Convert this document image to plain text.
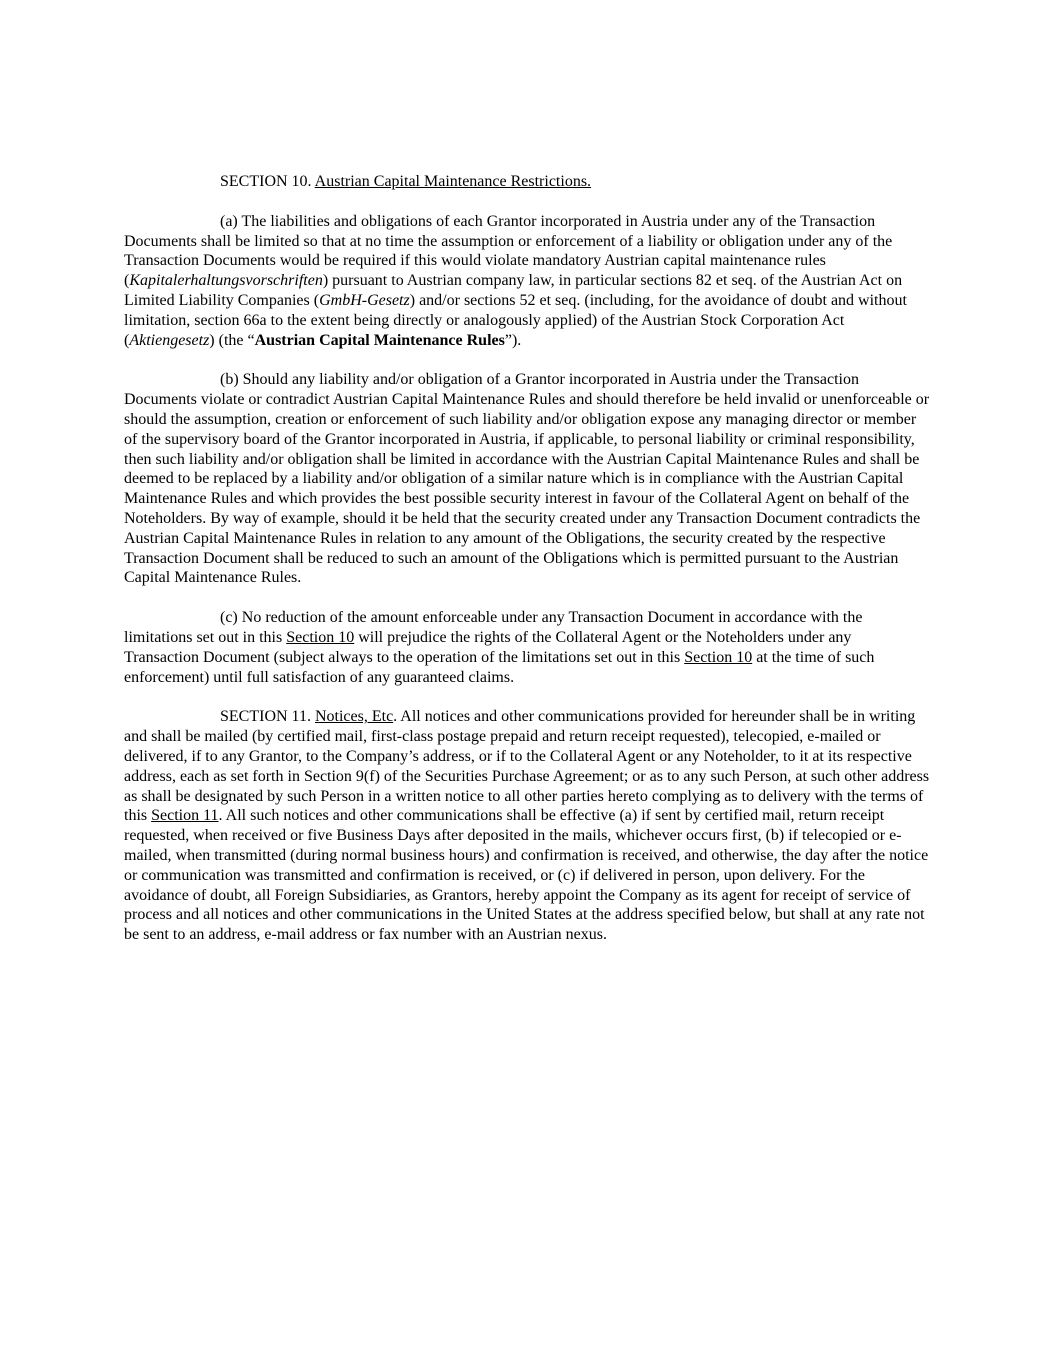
SECTION 10. Austrian Capital Maintenance Restrictions.

(a) The liabilities and obligations of each Grantor incorporated in Austria under any of the Transaction Documents shall be limited so that at no time the assumption or enforcement of a liability or obligation under any of the Transaction Documents would be required if this would violate mandatory Austrian capital maintenance rules (Kapitalerhaltungsvorschriften) pursuant to Austrian company law, in particular sections 82 et seq. of the Austrian Act on Limited Liability Companies (GmbH-Gesetz) and/or sections 52 et seq. (including, for the avoidance of doubt and without limitation, section 66a to the extent being directly or analogously applied) of the Austrian Stock Corporation Act (Aktiengesetz) (the “Austrian Capital Maintenance Rules”).

(b) Should any liability and/or obligation of a Grantor incorporated in Austria under the Transaction Documents violate or contradict Austrian Capital Maintenance Rules and should therefore be held invalid or unenforceable or should the assumption, creation or enforcement of such liability and/or obligation expose any managing director or member of the supervisory board of the Grantor incorporated in Austria, if applicable, to personal liability or criminal responsibility, then such liability and/or obligation shall be limited in accordance with the Austrian Capital Maintenance Rules and shall be deemed to be replaced by a liability and/or obligation of a similar nature which is in compliance with the Austrian Capital Maintenance Rules and which provides the best possible security interest in favour of the Collateral Agent on behalf of the Noteholders. By way of example, should it be held that the security created under any Transaction Document contradicts the Austrian Capital Maintenance Rules in relation to any amount of the Obligations, the security created by the respective Transaction Document shall be reduced to such an amount of the Obligations which is permitted pursuant to the Austrian Capital Maintenance Rules.

(c) No reduction of the amount enforceable under any Transaction Document in accordance with the limitations set out in this Section 10 will prejudice the rights of the Collateral Agent or the Noteholders under any Transaction Document (subject always to the operation of the limitations set out in this Section 10 at the time of such enforcement) until full satisfaction of any guaranteed claims.

SECTION 11. Notices, Etc. All notices and other communications provided for hereunder shall be in writing and shall be mailed (by certified mail, first-class postage prepaid and return receipt requested), telecopied, e-mailed or delivered, if to any Grantor, to the Company’s address, or if to the Collateral Agent or any Noteholder, to it at its respective address, each as set forth in Section 9(f) of the Securities Purchase Agreement; or as to any such Person, at such other address as shall be designated by such Person in a written notice to all other parties hereto complying as to delivery with the terms of this Section 11. All such notices and other communications shall be effective (a) if sent by certified mail, return receipt requested, when received or five Business Days after deposited in the mails, whichever occurs first, (b) if telecopied or e-mailed, when transmitted (during normal business hours) and confirmation is received, and otherwise, the day after the notice or communication was transmitted and confirmation is received, or (c) if delivered in person, upon delivery. For the avoidance of doubt, all Foreign Subsidiaries, as Grantors, hereby appoint the Company as its agent for receipt of service of process and all notices and other communications in the United States at the address specified below, but shall at any rate not be sent to an address, e-mail address or fax number with an Austrian nexus.
